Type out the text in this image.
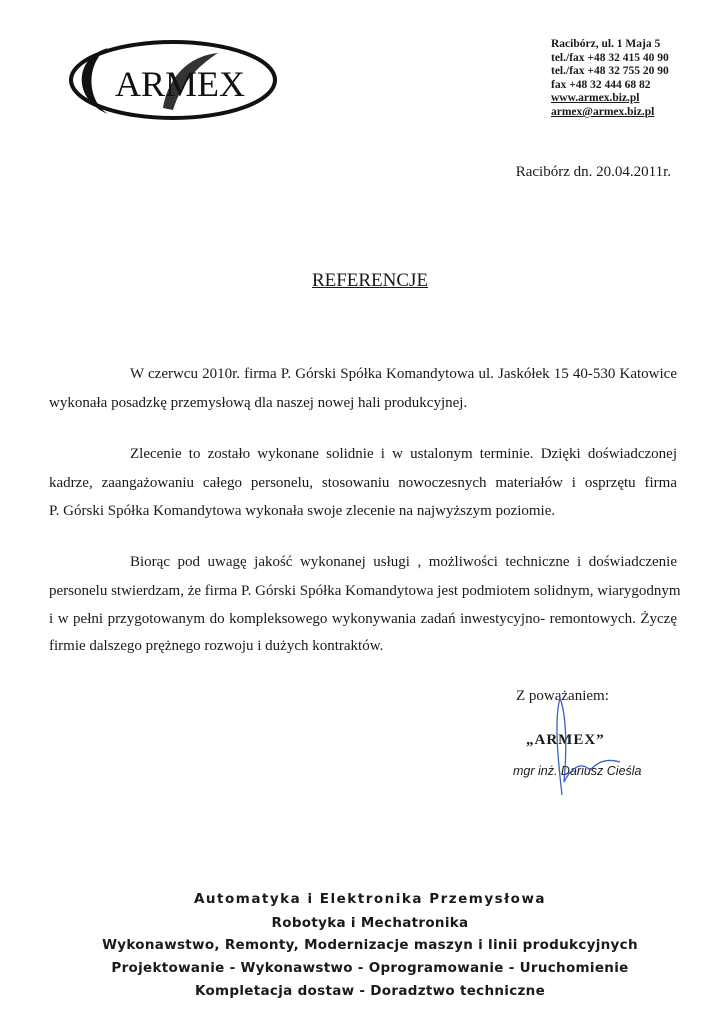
ARMEX
Racibórz, ul. 1 Maja 5
tel./fax +48 32 415 40 90
tel./fax +48 32 755 20 90
fax +48 32 444 68 82
www.armex.biz.pl
armex@armex.biz.pl
Racibórz dn. 20.04.2011r.
REFERENCJE
W czerwcu 2010r. firma P. Górski Spółka Komandytowa ul. Jaskółek 15 40-530 Katowice
wykonała posadzkę przemysłową dla naszej nowej hali produkcyjnej.
Zlecenie to zostało wykonane solidnie i w ustalonym terminie. Dzięki doświadczonej
kadrze, zaangażowaniu całego personelu, stosowaniu nowoczesnych materiałów i osprzętu firma
P. Górski Spółka Komandytowa wykonała swoje zlecenie na najwyższym poziomie.
Biorąc pod uwagę jakość wykonanej usługi , możliwości techniczne i doświadczenie
personelu stwierdzam, że firma P. Górski Spółka Komandytowa jest podmiotem solidnym, wiarygodnym
i w pełni przygotowanym do kompleksowego wykonywania zadań inwestycyjno- remontowych. Życzę
firmie dalszego prężnego rozwoju i dużych kontraktów.
Z poważaniem:
„ARMEX”
mgr inż. Dariusz Cieśla
Automatyka i Elektronika Przemysłowa
Robotyka i Mechatronika
Wykonawstwo, Remonty, Modernizacje maszyn i linii produkcyjnych
Projektowanie - Wykonawstwo - Oprogramowanie - Uruchomienie
Kompletacja dostaw - Doradztwo techniczne
